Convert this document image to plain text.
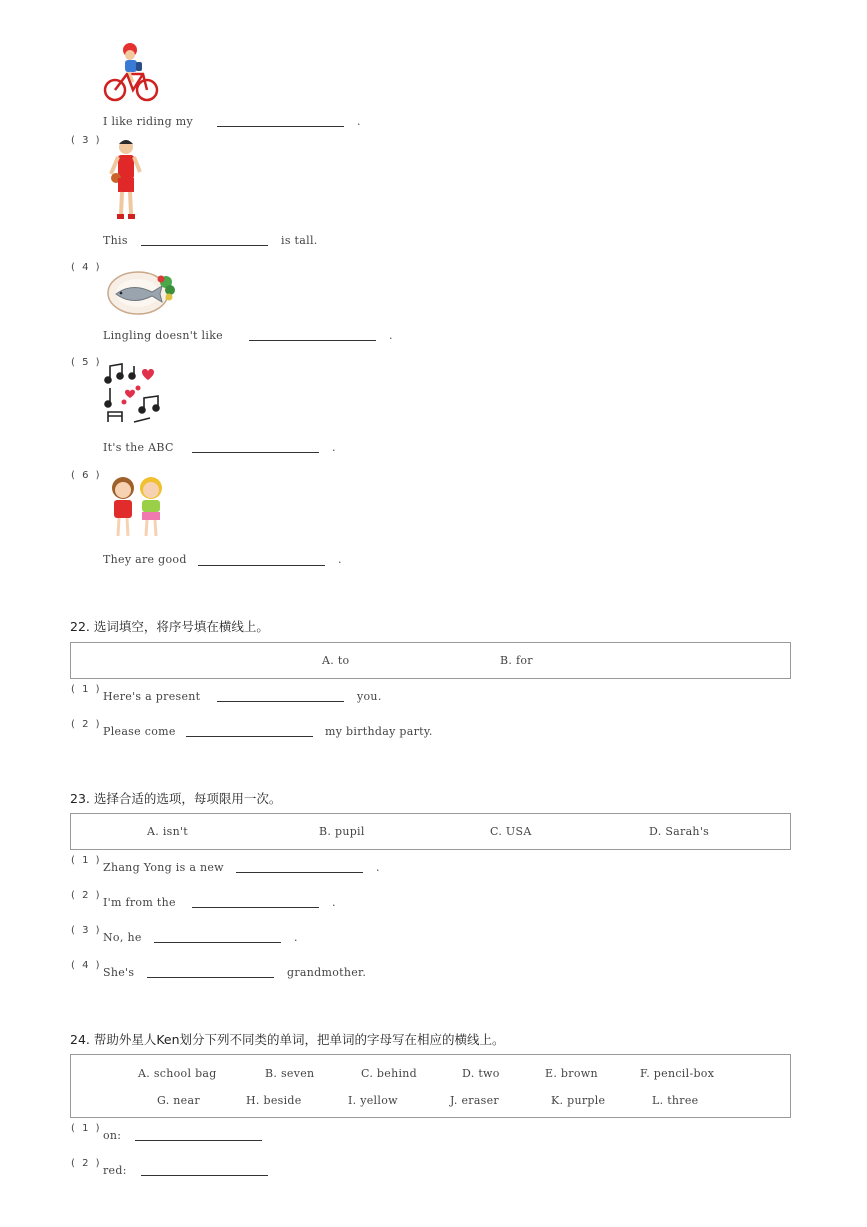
I like riding my	.
( 3 )
This	is tall.
( 4 )
Lingling doesn't like	.
( 5 )
It's the ABC	.
( 6 )
They are good	.
22. 选词填空，将序号填在横线上。
A. to	B. for
( 1 )
Here's a present	you.
( 2 )
Please come	my birthday party.
23. 选择合适的选项，每项限用一次。
A. isn't	B. pupil	C. USA	D. Sarah's
( 1 )
Zhang Yong is a new	.
( 2 )
I'm from the	.
( 3 )
No, he	.
( 4 )
She's	grandmother.
24. 帮助外星人Ken划分下列不同类的单词，把单词的字母写在相应的横线上。
A. school bag	B. seven	C. behind	D. two	E. brown	F. pencil-box
G. near	H. beside	I. yellow	J. eraser	K. purple	L. three
( 1 )
on:
( 2 )
red:
